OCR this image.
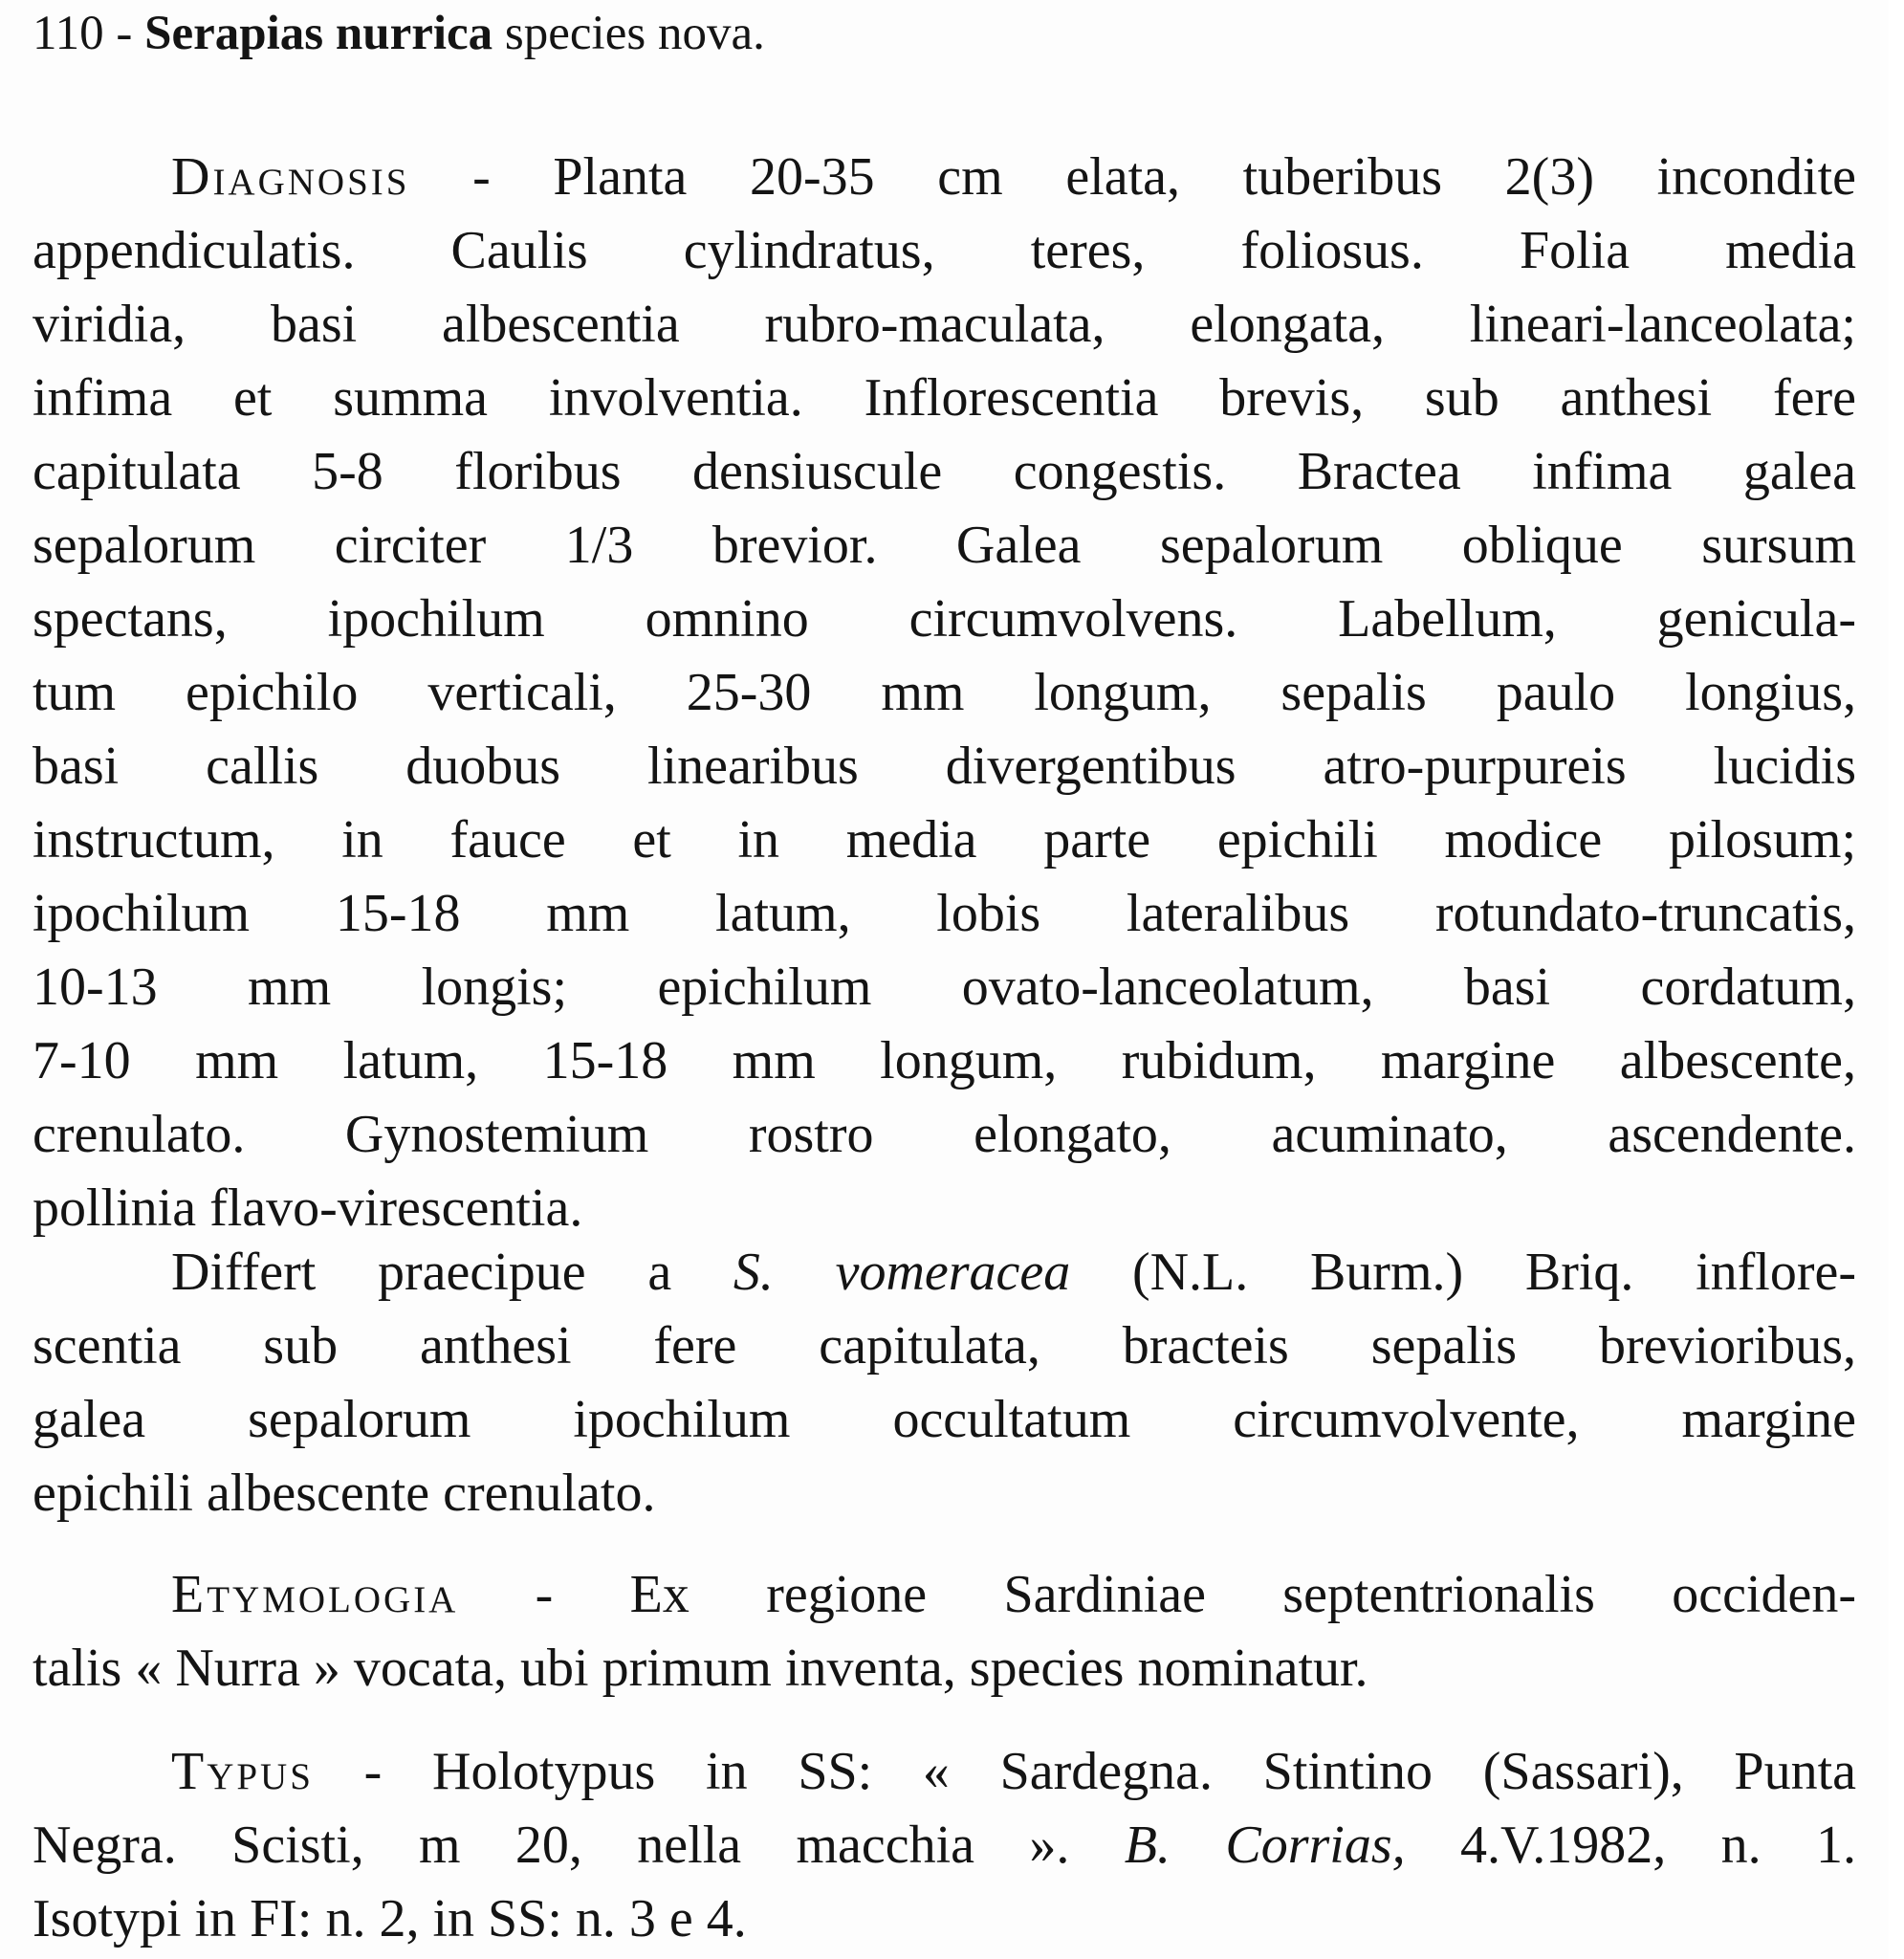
110 - Serapias nurrica species nova.
Diagnosis - Planta 20-35 cm elata, tuberibus 2(3) incondite
appendiculatis. Caulis cylindratus, teres, foliosus. Folia media
viridia, basi albescentia rubro-maculata, elongata, lineari-lanceolata;
infima et summa involventia. Inflorescentia brevis, sub anthesi fere
capitulata 5-8 floribus densiuscule congestis. Bractea infima galea
sepalorum circiter 1/3 brevior. Galea sepalorum oblique sursum
spectans, ipochilum omnino circumvolvens. Labellum, genicula-
tum epichilo verticali, 25-30 mm longum, sepalis paulo longius,
basi callis duobus linearibus divergentibus atro-purpureis lucidis
instructum, in fauce et in media parte epichili modice pilosum;
ipochilum 15-18 mm latum, lobis lateralibus rotundato-truncatis,
10-13 mm longis; epichilum ovato-lanceolatum, basi cordatum,
7-10 mm latum, 15-18 mm longum, rubidum, margine albescente,
crenulato. Gynostemium rostro elongato, acuminato, ascendente.
pollinia flavo-virescentia.
Differt praecipue a S. vomeracea (N.L. Burm.) Briq. inflore-
scentia sub anthesi fere capitulata, bracteis sepalis brevioribus,
galea sepalorum ipochilum occultatum circumvolvente, margine
epichili albescente crenulato.
Etymologia - Ex regione Sardiniae septentrionalis occiden-
talis « Nurra » vocata, ubi primum inventa, species nominatur.
Typus - Holotypus in SS: « Sardegna. Stintino (Sassari), Punta
Negra. Scisti, m 20, nella macchia ». B. Corrias, 4.V.1982, n. 1.
Isotypi in FI: n. 2, in SS: n. 3 e 4.
